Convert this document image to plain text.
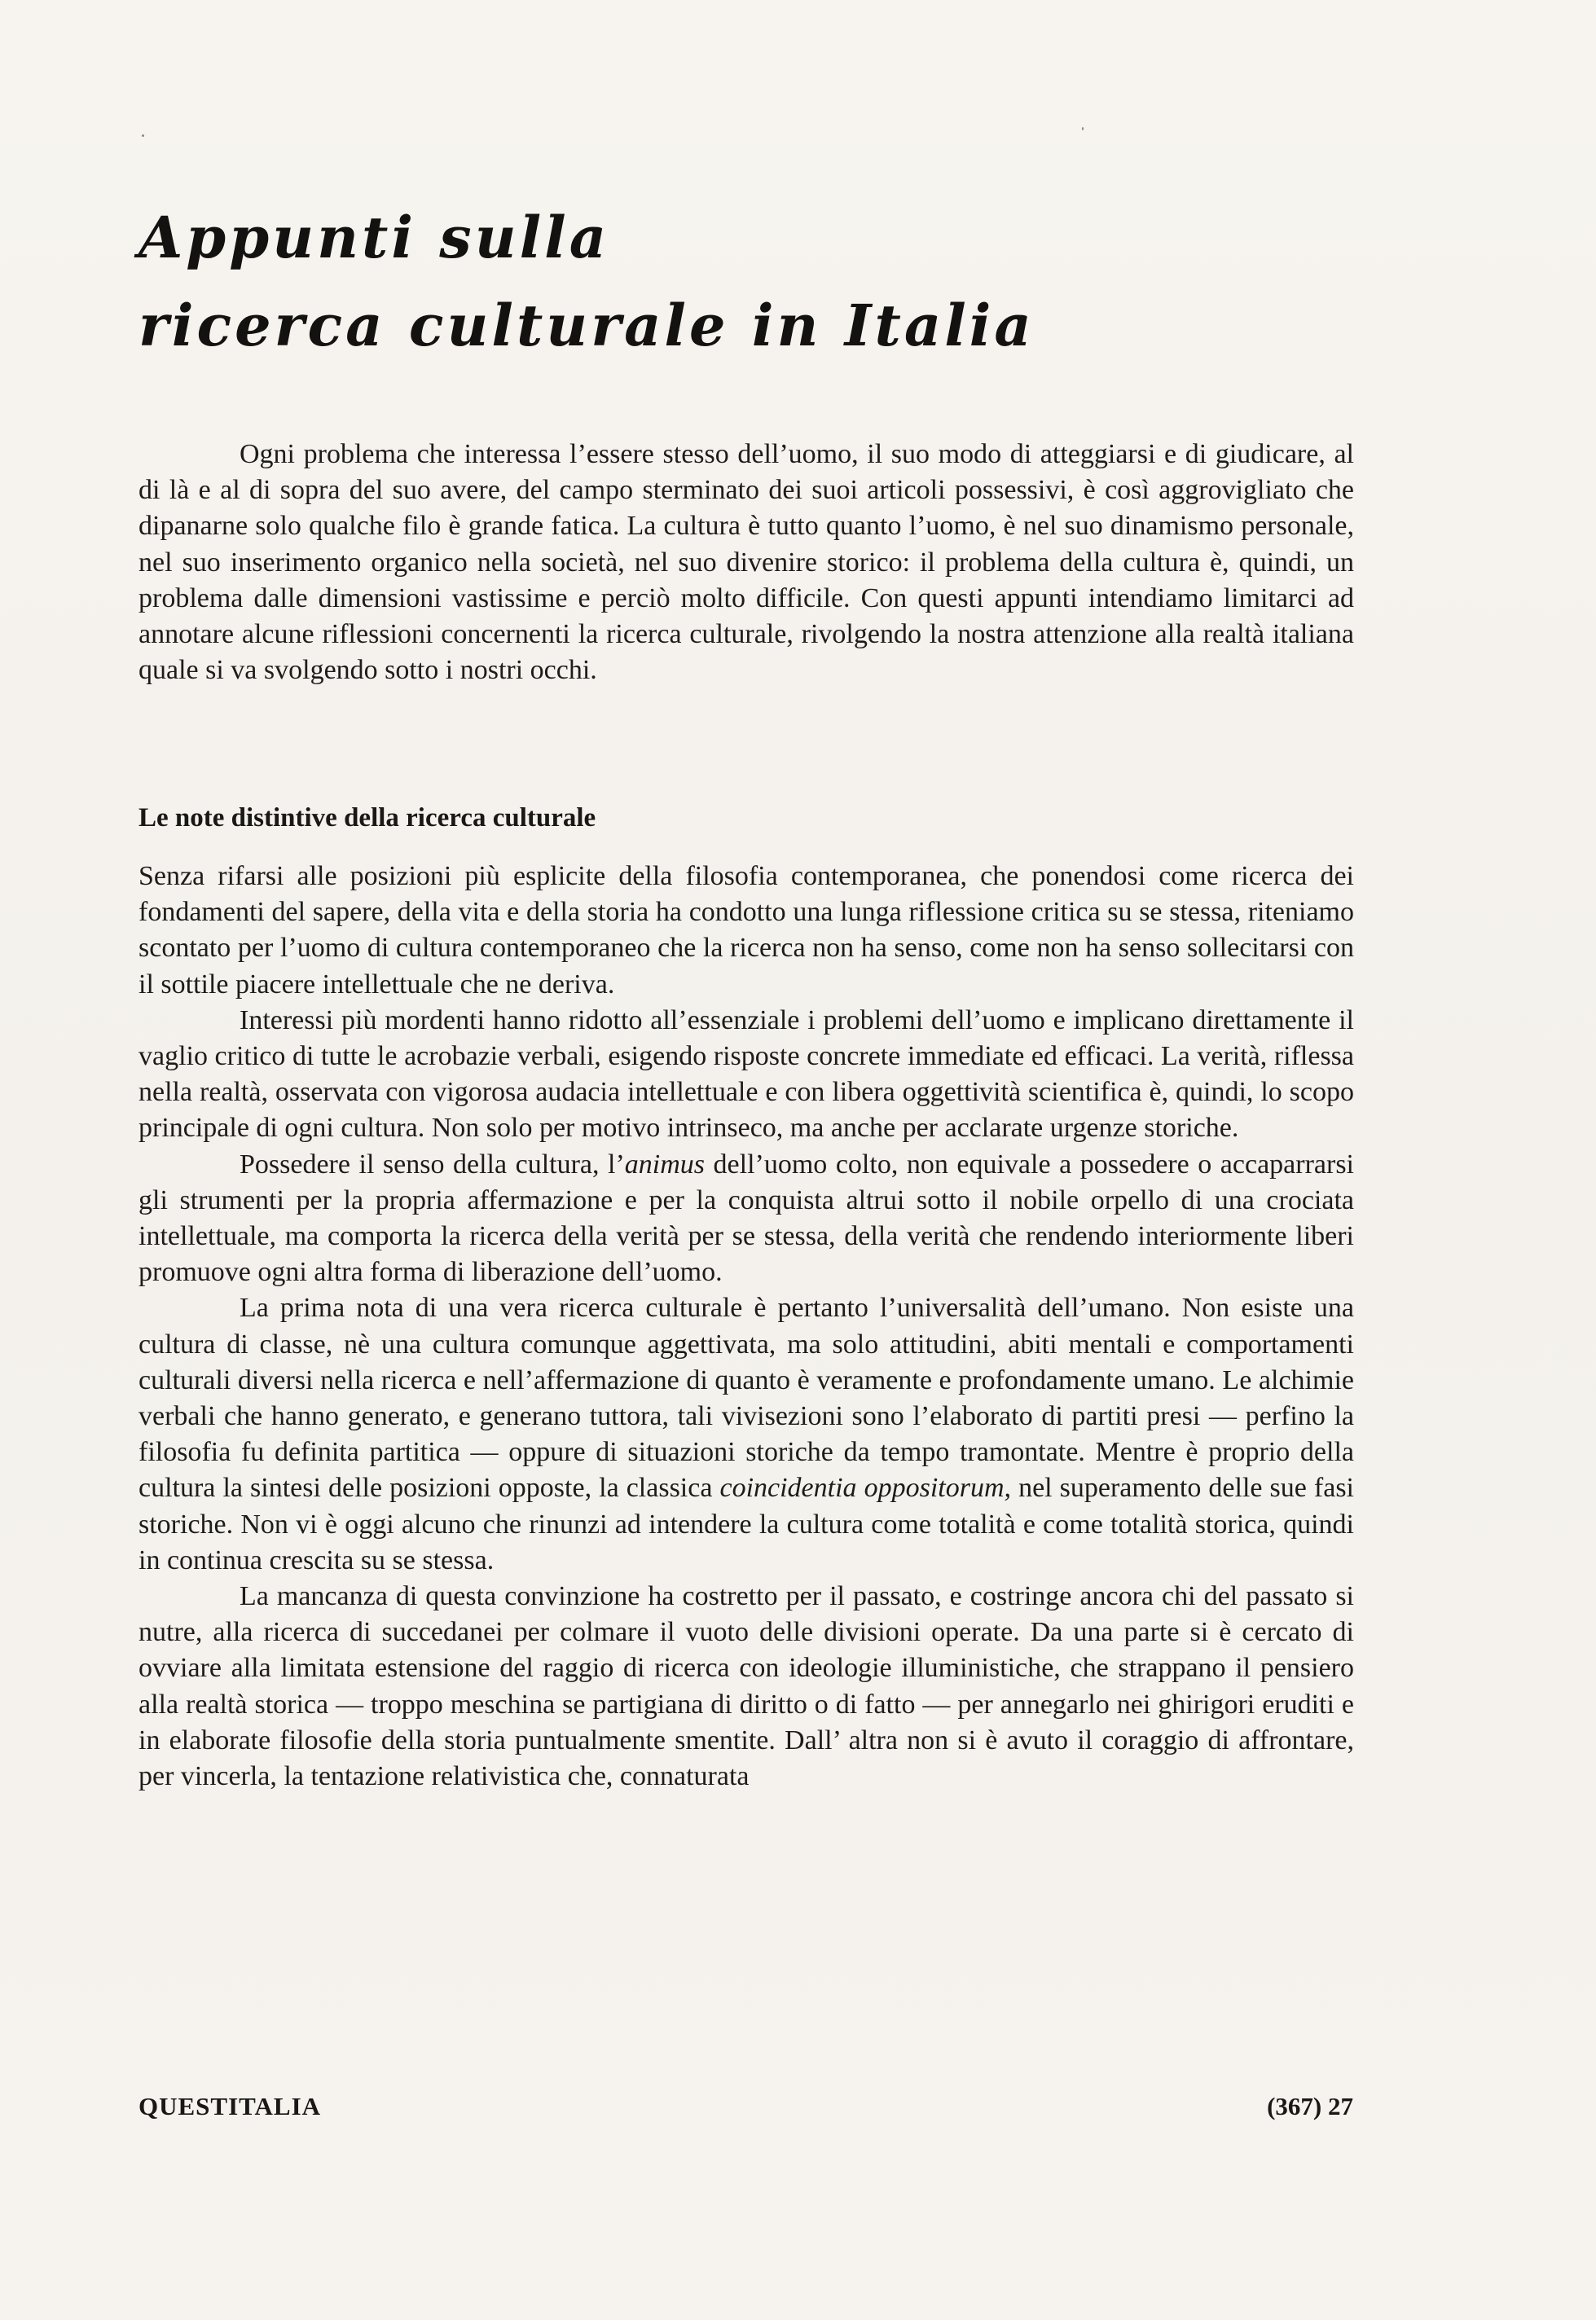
Appunti sulla
ricerca culturale in Italia

Ogni problema che interessa l’essere stesso dell’uomo, il suo modo di atteggiarsi e di giudicare, al di là e al di sopra del suo avere, del campo sterminato dei suoi articoli possessivi, è così aggrovigliato che dipanarne solo qualche filo è grande fatica. La cultura è tutto quanto l’uomo, è nel suo dinamismo personale, nel suo inserimento organico nella società, nel suo divenire storico: il problema della cultura è, quindi, un problema dalle dimensioni vastissime e perciò molto difficile. Con questi appunti intendiamo limitarci ad annotare alcune riflessioni concernenti la ricerca culturale, rivolgendo la nostra attenzione alla realtà italiana quale si va svolgendo sotto i nostri occhi.

Le note distintive della ricerca culturale

Senza rifarsi alle posizioni più esplicite della filosofia contemporanea, che ponendosi come ricerca dei fondamenti del sapere, della vita e della storia ha condotto una lunga riflessione critica su se stessa, riteniamo scontato per l’uomo di cultura contemporaneo che la ricerca non ha senso, come non ha senso sollecitarsi con il sottile piacere intellettuale che ne deriva.

Interessi più mordenti hanno ridotto all’essenziale i problemi dell’uomo e implicano direttamente il vaglio critico di tutte le acrobazie verbali, esigendo risposte concrete immediate ed efficaci. La verità, riflessa nella realtà, osservata con vigorosa audacia intellettuale e con libera oggettività scientifica è, quindi, lo scopo principale di ogni cultura. Non solo per motivo intrinseco, ma anche per acclarate urgenze storiche.

Possedere il senso della cultura, l’animus dell’uomo colto, non equivale a possedere o accaparrarsi gli strumenti per la propria affermazione e per la conquista altrui sotto il nobile orpello di una crociata intellettuale, ma comporta la ricerca della verità per se stessa, della verità che rendendo interiormente liberi promuove ogni altra forma di liberazione dell’uomo.

La prima nota di una vera ricerca culturale è pertanto l’universalità dell’umano. Non esiste una cultura di classe, nè una cultura comunque aggettivata, ma solo attitudini, abiti mentali e comportamenti culturali diversi nella ricerca e nell’affermazione di quanto è veramente e profondamente umano. Le alchimie verbali che hanno generato, e generano tuttora, tali vivisezioni sono l’elaborato di partiti presi — perfino la filosofia fu definita partitica — oppure di situazioni storiche da tempo tramontate. Mentre è proprio della cultura la sintesi delle posizioni opposte, la classica coincidentia oppositorum, nel superamento delle sue fasi storiche. Non vi è oggi alcuno che rinunzi ad intendere la cultura come totalità e come totalità storica, quindi in continua crescita su se stessa.

La mancanza di questa convinzione ha costretto per il passato, e costringe ancora chi del passato si nutre, alla ricerca di succedanei per colmare il vuoto delle divisioni operate. Da una parte si è cercato di ovviare alla limitata estensione del raggio di ricerca con ideologie illuministiche, che strappano il pensiero alla realtà storica — troppo meschina se partigiana di diritto o di fatto — per annegarlo nei ghirigori eruditi e in elaborate filosofie della storia puntualmente smentite. Dall’ altra non si è avuto il coraggio di affrontare, per vincerla, la tentazione relativistica che, connaturata

QUESTITALIA	(367) 27
